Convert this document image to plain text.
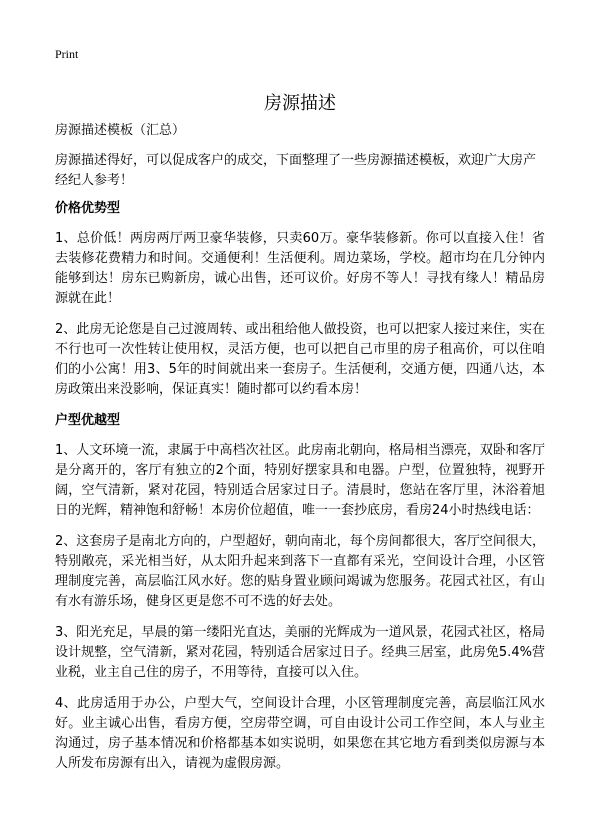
Print
房源描述

房源描述模板（汇总）

房源描述得好，可以促成客户的成交，下面整理了一些房源描述模板，欢迎广大房产经纪人参考！

价格优势型

1、总价低！两房两厅两卫豪华装修，只卖60万。豪华装修新。你可以直接入住！省去装修花费精力和时间。交通便利！生活便利。周边菜场，学校。超市均在几分钟内能够到达！房东已购新房，诚心出售，还可议价。好房不等人！寻找有缘人！精品房源就在此！

2、此房无论您是自己过渡周转、或出租给他人做投资，也可以把家人接过来住，实在不行也可一次性转让使用权，灵活方便，也可以把自己市里的房子租高价，可以住咱们的小公寓！用3、5年的时间就出来一套房子。生活便利，交通方便，四通八达，本房政策出来没影响，保证真实！随时都可以约看本房！

户型优越型

1、人文环境一流，隶属于中高档次社区。此房南北朝向，格局相当漂亮，双卧和客厅是分离开的，客厅有独立的2个面，特别好摆家具和电器。户型，位置独特，视野开阔，空气清新，紧对花园，特别适合居家过日子。清晨时，您站在客厅里，沐浴着旭日的光辉，精神饱和舒畅！本房价位超值，唯一一套抄底房，看房24小时热线电话：

2、这套房子是南北方向的，户型超好，朝向南北，每个房间都很大，客厅空间很大，特别敞亮，采光相当好，从太阳升起来到落下一直都有采光，空间设计合理，小区管理制度完善，高层临江风水好。您的贴身置业顾问竭诚为您服务。花园式社区，有山有水有游乐场，健身区更是您不可不选的好去处。

3、阳光充足，早晨的第一缕阳光直达，美丽的光辉成为一道风景，花园式社区，格局设计规整，空气清新，紧对花园，特别适合居家过日子。经典三居室，此房免5.4%营业税，业主自己住的房子，不用等待，直接可以入住。

4、此房适用于办公，户型大气，空间设计合理，小区管理制度完善，高层临江风水好。业主诚心出售，看房方便，空房带空调，可自由设计公司工作空间，本人与业主沟通过，房子基本情况和价格都基本如实说明，如果您在其它地方看到类似房源与本人所发布房源有出入，请视为虚假房源。
